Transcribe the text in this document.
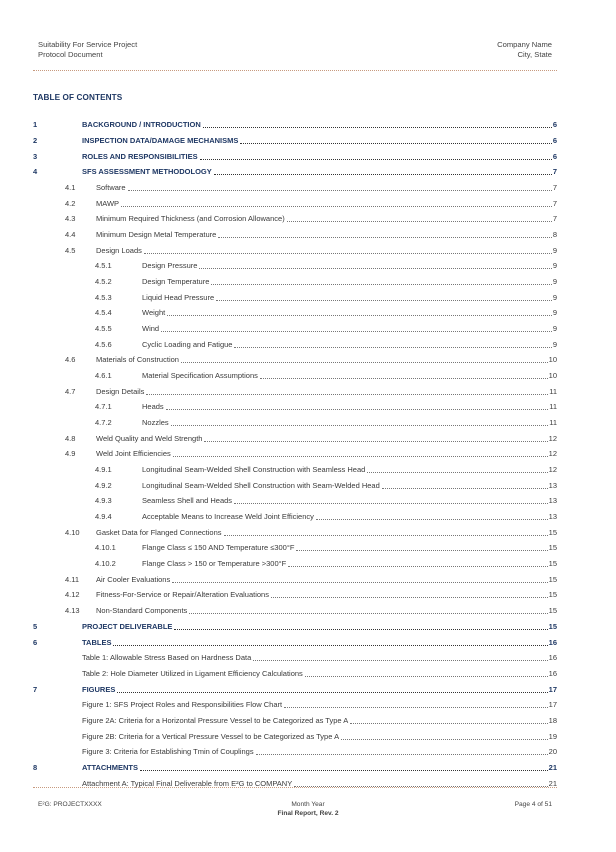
Suitability For Service Project
Protocol Document
Company Name
City, State
TABLE OF CONTENTS
1	BACKGROUND / INTRODUCTION	6
2	INSPECTION DATA/DAMAGE MECHANISMS	6
3	ROLES AND RESPONSIBILITIES	6
4	SFS ASSESSMENT METHODOLOGY	7
4.1	Software	7
4.2	MAWP	7
4.3	Minimum Required Thickness (and Corrosion Allowance)	7
4.4	Minimum Design Metal Temperature	8
4.5	Design Loads	9
4.5.1	Design Pressure	9
4.5.2	Design Temperature	9
4.5.3	Liquid Head Pressure	9
4.5.4	Weight	9
4.5.5	Wind	9
4.5.6	Cyclic Loading and Fatigue	9
4.6	Materials of Construction	10
4.6.1	Material Specification Assumptions	10
4.7	Design Details	11
4.7.1	Heads	11
4.7.2	Nozzles	11
4.8	Weld Quality and Weld Strength	12
4.9	Weld Joint Efficiencies	12
4.9.1	Longitudinal Seam-Welded Shell Construction with Seamless Head	12
4.9.2	Longitudinal Seam-Welded Shell Construction with Seam-Welded Head	13
4.9.3	Seamless Shell and Heads	13
4.9.4	Acceptable Means to Increase Weld Joint Efficiency	13
4.10	Gasket Data for Flanged Connections	15
4.10.1	Flange Class ≤ 150 AND Temperature ≤300°F	15
4.10.2	Flange Class > 150 or Temperature >300°F	15
4.11	Air Cooler Evaluations	15
4.12	Fitness-For-Service or Repair/Alteration Evaluations	15
4.13	Non-Standard Components	15
5	PROJECT DELIVERABLE	15
6	TABLES	16
Table 1: Allowable Stress Based on Hardness Data	16
Table 2: Hole Diameter Utilized in Ligament Efficiency Calculations	16
7	FIGURES	17
Figure 1: SFS Project Roles and Responsibilities Flow Chart	17
Figure 2A: Criteria for a Horizontal Pressure Vessel to be Categorized as Type A	18
Figure 2B: Criteria for a Vertical Pressure Vessel to be Categorized as Type A	19
Figure 3: Criteria for Establishing Tmin of Couplings	20
8	ATTACHMENTS	21
Attachment A: Typical Final Deliverable from E²G to COMPANY	21
E²G: PROJECTXXXX	Month Year
Final Report, Rev. 2
Page 4 of 51
